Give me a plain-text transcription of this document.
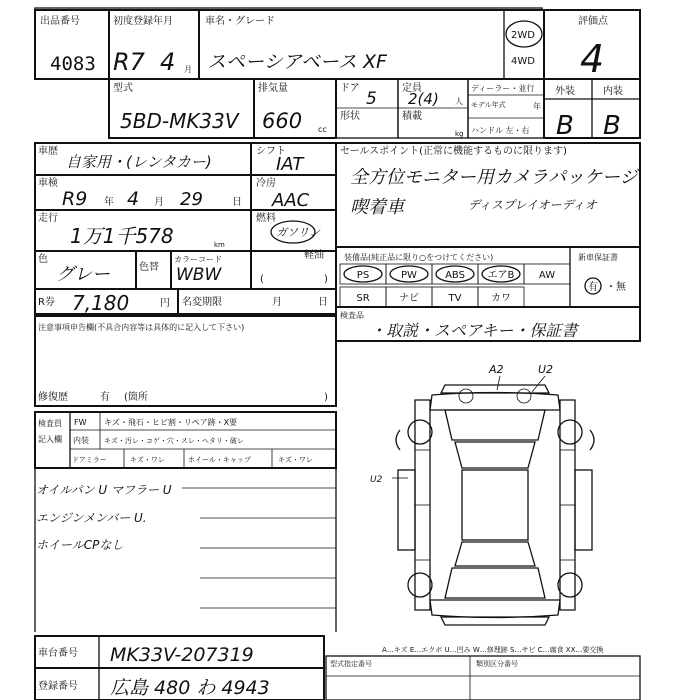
出品番号
4083
初度登録年月
R7 4 月
車名・グレード
スペーシアベース XF
2WD
4WD
評価点
4
型式
5BD-MK33V
排気量
660 cc
ドア
5
形状
定員
2(4) 人
積載
kg
ディーラー・並行
モデル年式	年
ハンドル 左・右
外装	内装
B B
車歴
自家用・(レンタカー)
シフト
IAT
車検
R9 年 4 月 29	日
冷房
AAC
走行
1万1千578	km
燃料
ガソリン
軽油
色
グレー	色替
カラーコード
WBW	(	)
R券 7,180	円 名変期限	月	日
セールスポイント(正常に機能するものに限ります)
全方位モニター用カメラパッケージ
喫着車	ディスプレイオーディオ
装備品(純正品に限り○をつけてください)	新車保証書
有 ・ 無
PS	PW	ABS エアB AW
SR	ナビ	TV	カワ
検査品
・取説・スペアキー・保証書
注意事項申告欄(不具合内容等は具体的に記入して下さい)
修復歴	有 (箇所	)
検査員
記入欄
FW キズ・飛石・ヒビ割・リペア跡・X要
内装 キズ・汚レ・コゲ・穴・スレ・ヘタリ・破レ
ドアミラー	キズ・ワレ	ホイール・キャップ	キズ・ワレ
オイルパン U マフラー U
エンジンメンバー U.
ホイールCPなし
A2	U2
U2
A…キズ E…エクボ U…凹み W…修理跡 S…サビ C…腐食 XX…要交換
型式指定番号	類別区分番号
車台番号 MK33V-207319
登録番号 広島 480 わ 4943
